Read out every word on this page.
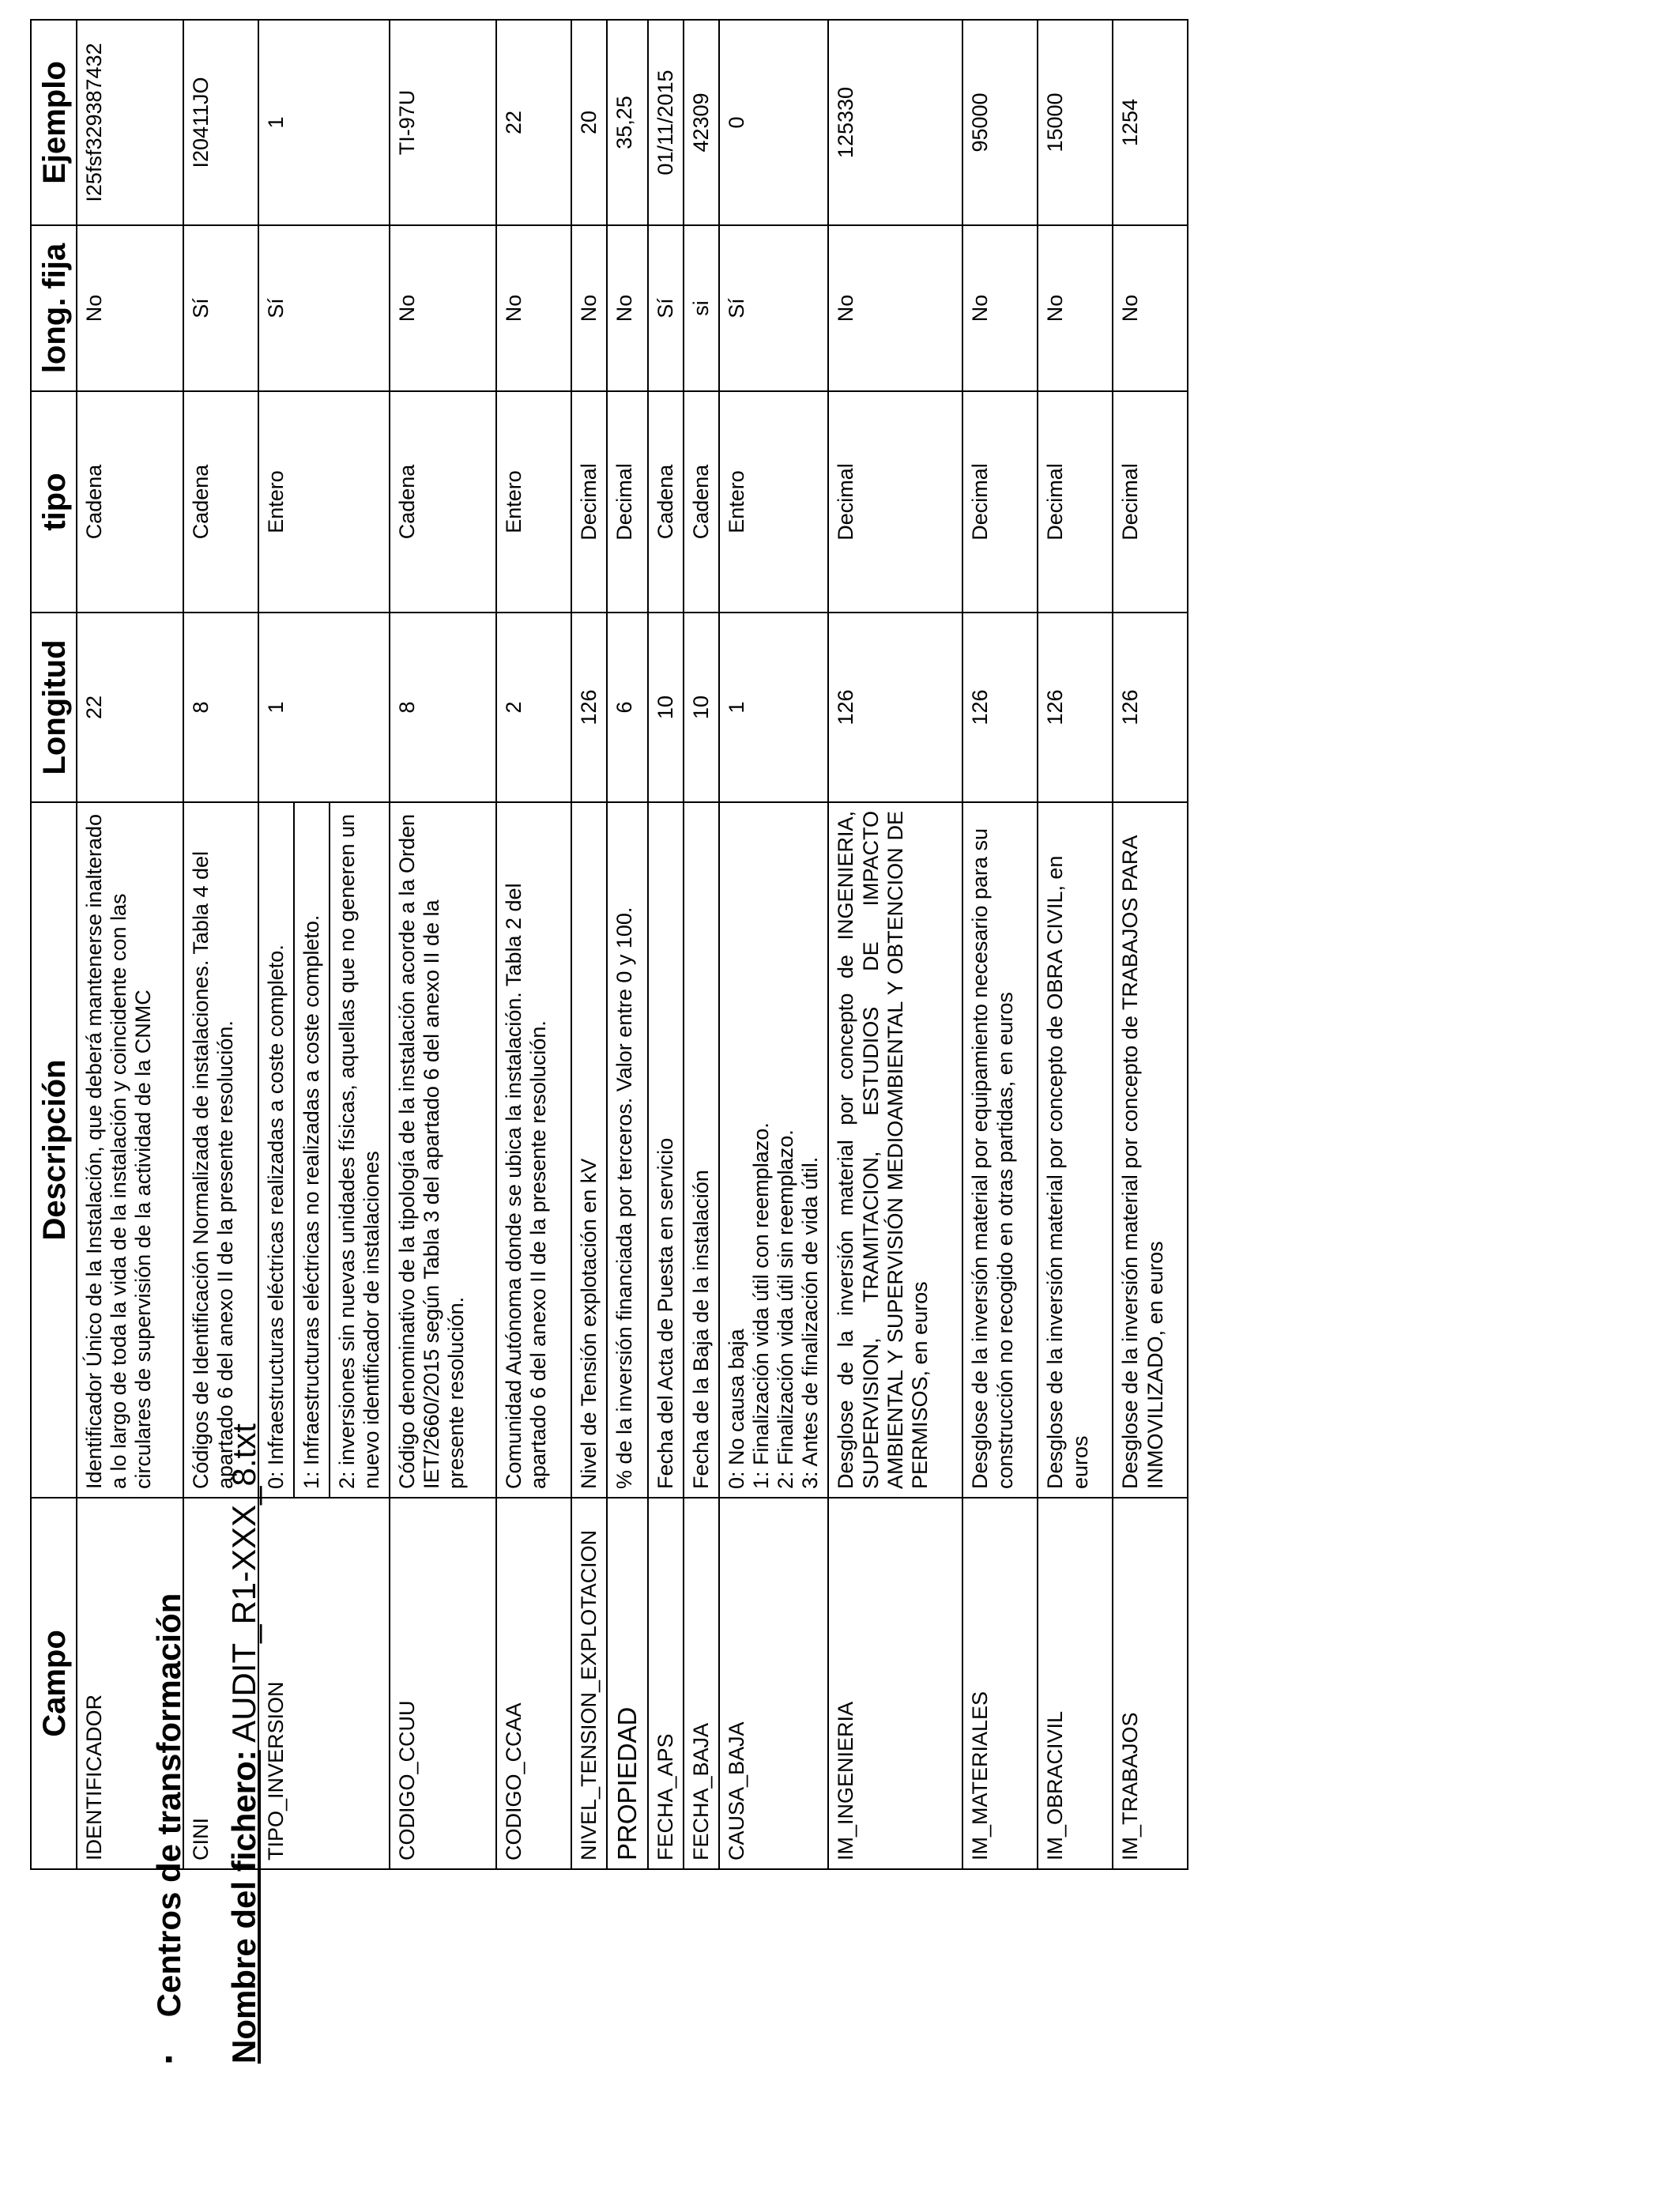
▪
Centros de transformación Nombre del fichero: AUDIT_R1-XXX_8.txt
Campo	Descripción	Longitud	tipo	long. fija	Ejemplo
IDENTIFICADOR	Identificador Único de la Instalación, que deberá mantenerse inalterado a lo largo de toda la vida de la instalación y coincidente con las circulares de supervisión de la actividad de la CNMC	22	Cadena	No	I25fsf329387432
CINI	Códigos de Identificación Normalizada de instalaciones. Tabla 4 del apartado 6 del anexo II de la presente resolución.	8	Cadena	Sí	I20411JO
TIPO_INVERSION	0: Infraestructuras eléctricas realizadas a coste completo.	1	Entero	Sí	1
	1: Infraestructuras eléctricas no realizadas a coste completo.				
	2: inversiones sin nuevas unidades físicas, aquellas que no generen un nuevo identificador de instalaciones				
CODIGO_CCUU	Código denominativo de la tipología de la instalación acorde a la Orden IET/2660/2015 según Tabla 3 del apartado 6 del anexo II de la presente resolución.	8	Cadena	No	TI-97U
CODIGO_CCAA	Comunidad Autónoma donde se ubica la instalación. Tabla 2 del apartado 6 del anexo II de la presente resolución.	2	Entero	No	22
NIVEL_TENSION_EXPLOTACION	Nivel de Tensión explotación en kV	126	Decimal	No	20
PROPIEDAD	% de la inversión financiada por terceros. Valor entre 0 y 100.	6	Decimal	No	35,25
FECHA_APS	Fecha del Acta de Puesta en servicio	10	Cadena	Sí	01/11/2015
FECHA_BAJA	Fecha de la Baja de la instalación	10	Cadena	si	42309
CAUSA_BAJA	0: No causa baja 1: Finalización vida útil con reemplazo. 2: Finalización vida útil sin reemplazo. 3: Antes de finalización de vida útil.	1	Entero	Sí	0
IM_INGENIERIA	Desglose de la inversión material por concepto de INGENIERIA, SUPERVISION, TRAMITACION, ESTUDIOS DE IMPACTO AMBIENTAL Y SUPERVISIÓN MEDIOAMBIENTAL Y OBTENCION DE PERMISOS, en euros	126	Decimal	No	125330
IM_MATERIALES	Desglose de la inversión material por equipamiento necesario para su construcción no recogido en otras partidas, en euros	126	Decimal	No	95000
IM_OBRACIVIL	Desglose de la inversión material por concepto de OBRA CIVIL, en euros	126	Decimal	No	15000
IM_TRABAJOS	Desglose de la inversión material por concepto de TRABAJOS PARA INMOVILIZADO, en euros	126	Decimal	No	1254
